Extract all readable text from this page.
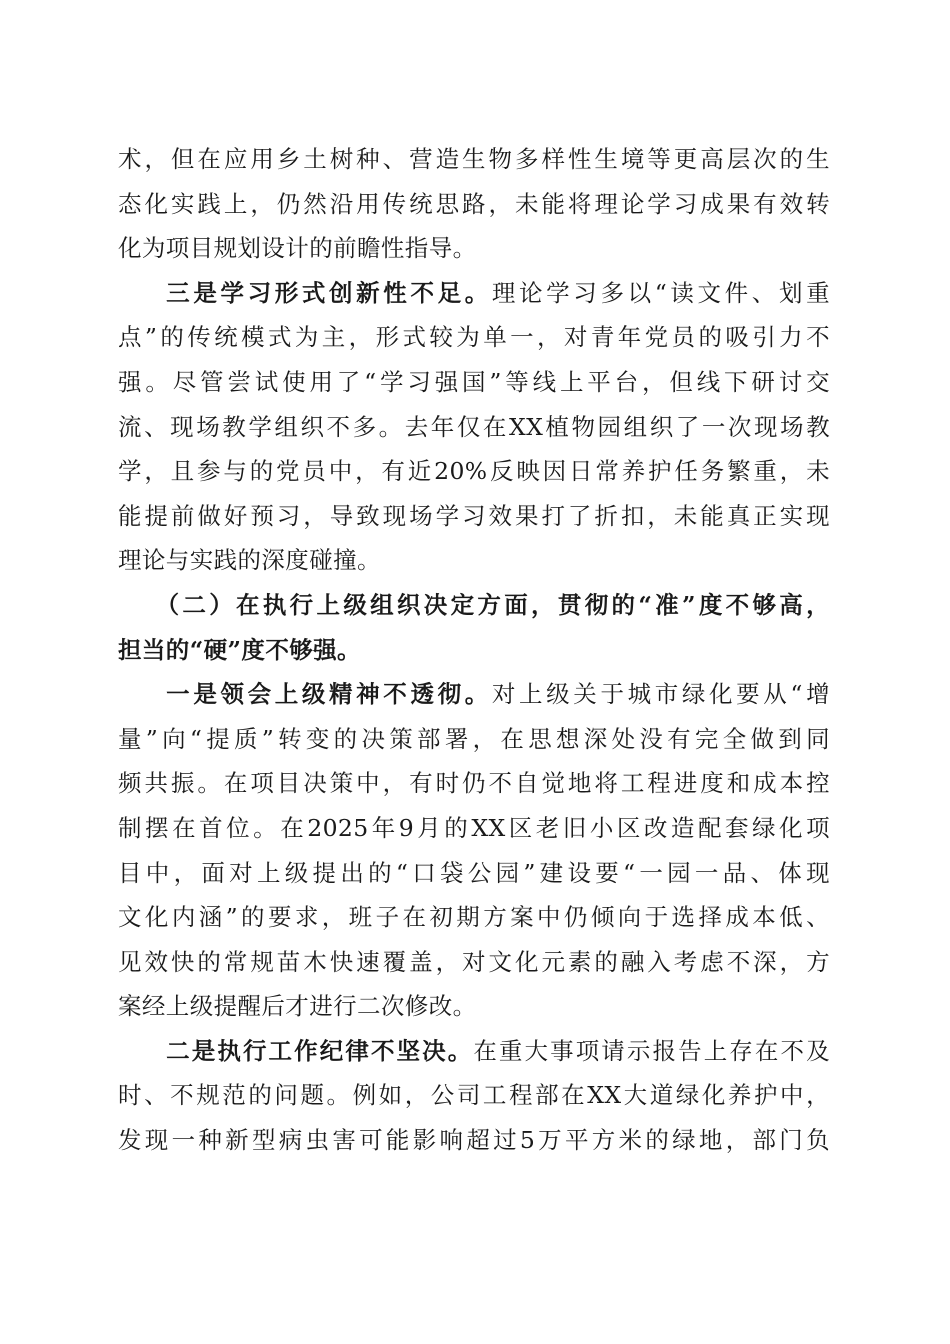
术，但在应用乡土树种、营造生物多样性生境等更高层次的生
态化实践上，仍然沿用传统思路，未能将理论学习成果有效转
化为项目规划设计的前瞻性指导。
三是学习形式创新性不足。理论学习多以“读文件、划重
点”的传统模式为主，形式较为单一，对青年党员的吸引力不
强。尽管尝试使用了“学习强国”等线上平台，但线下研讨交
流、现场教学组织不多。去年仅在XX植物园组织了一次现场教
学，且参与的党员中，有近20%反映因日常养护任务繁重，未
能提前做好预习，导致现场学习效果打了折扣，未能真正实现
理论与实践的深度碰撞。
（二）在执行上级组织决定方面，贯彻的“准”度不够高，
担当的“硬”度不够强。
一是领会上级精神不透彻。对上级关于城市绿化要从“增
量”向“提质”转变的决策部署，在思想深处没有完全做到同
频共振。在项目决策中，有时仍不自觉地将工程进度和成本控
制摆在首位。在2025年9月的XX区老旧小区改造配套绿化项
目中，面对上级提出的“口袋公园”建设要“一园一品、体现
文化内涵”的要求，班子在初期方案中仍倾向于选择成本低、
见效快的常规苗木快速覆盖，对文化元素的融入考虑不深，方
案经上级提醒后才进行二次修改。
二是执行工作纪律不坚决。在重大事项请示报告上存在不及
时、不规范的问题。例如，公司工程部在XX大道绿化养护中，
发现一种新型病虫害可能影响超过5万平方米的绿地，部门负
